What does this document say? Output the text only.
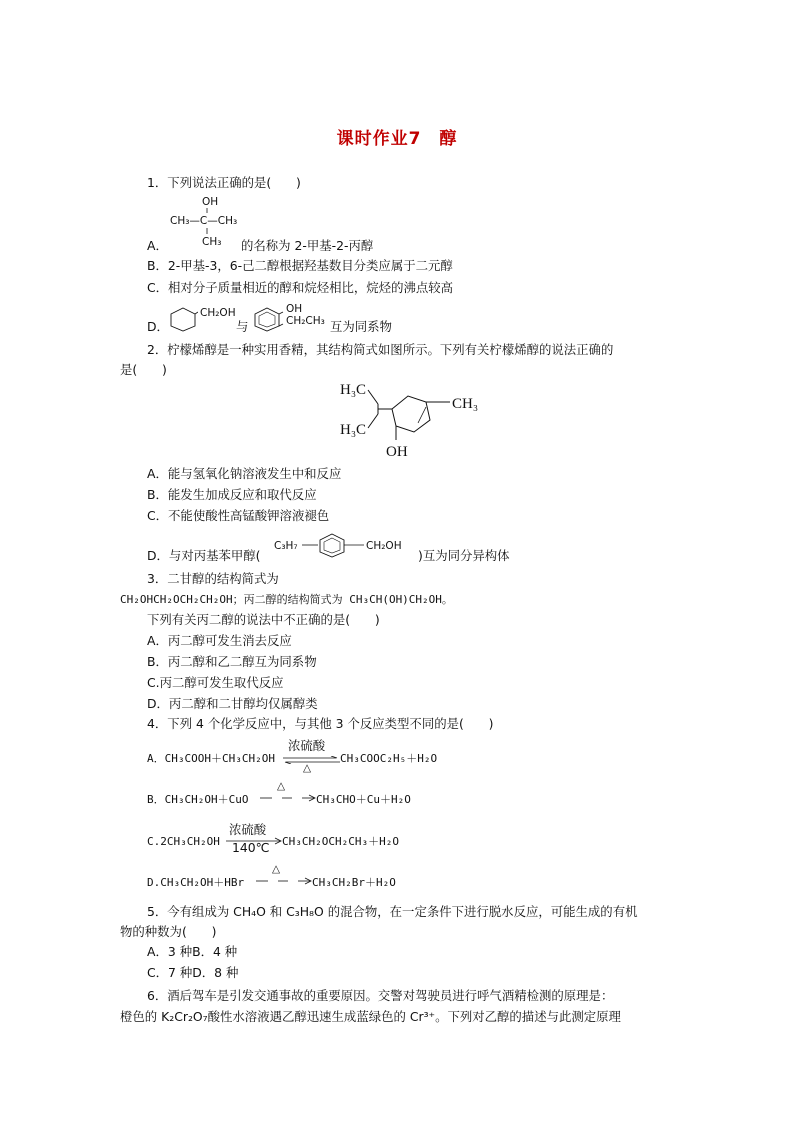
课时作业7　醇
1．下列说法正确的是(　　)
OH
CH₃—C—CH₃
CH₃
A．	的名称为 2-甲基-2-丙醇
B．2-甲基-3，6-己二醇根据羟基数目分类应属于二元醇
C．相对分子质量相近的醇和烷烃相比，烷烃的沸点较高
D．
CH₂OH
与
OH
CH₂CH₃ 互为同系物
2．柠檬烯醇是一种实用香精，其结构简式如图所示。下列有关柠檬烯醇的说法正确的
是(　　)
H₃C
H₃C
CH₃
OH
A．能与氢氧化钠溶液发生中和反应
B．能发生加成反应和取代反应
C．不能使酸性高锰酸钾溶液褪色
D．与对丙基苯甲醇(
C₃H₇	CH₂OH
)互为同分异构体
3．二甘醇的结构简式为
CH₂OHCH₂OCH₂CH₂OH；丙二醇的结构简式为 CH₃CH(OH)CH₂OH。
下列有关丙二醇的说法中不正确的是(　　)
A．丙二醇可发生消去反应
B．丙二醇和乙二醇互为同系物
C.丙二醇可发生取代反应
D．丙二醇和二甘醇均仅属醇类
4．下列 4 个化学反应中，与其他 3 个反应类型不同的是(　　)
浓硫酸
A．CH₃COOH＋CH₃CH₂OH
△
CH₃COOC₂H₅＋H₂O
B．CH₃CH₂OH＋CuO
△
CH₃CHO＋Cu＋H₂O
浓硫酸
C.2CH₃CH₂OH →
140℃ CH₃CH₂OCH₂CH₃＋H₂O
D.CH₃CH₂OH＋HBr
△
CH₃CH₂Br＋H₂O
5．今有组成为 CH₄O 和 C₃H₈O 的混合物，在一定条件下进行脱水反应，可能生成的有机
物的种数为(　　)
A．3 种B．4 种
C．7 种D．8 种
6．酒后驾车是引发交通事故的重要原因。交警对驾驶员进行呼气酒精检测的原理是：
橙色的 K₂Cr₂O₇酸性水溶液遇乙醇迅速生成蓝绿色的 Cr³⁺。下列对乙醇的描述与此测定原理
